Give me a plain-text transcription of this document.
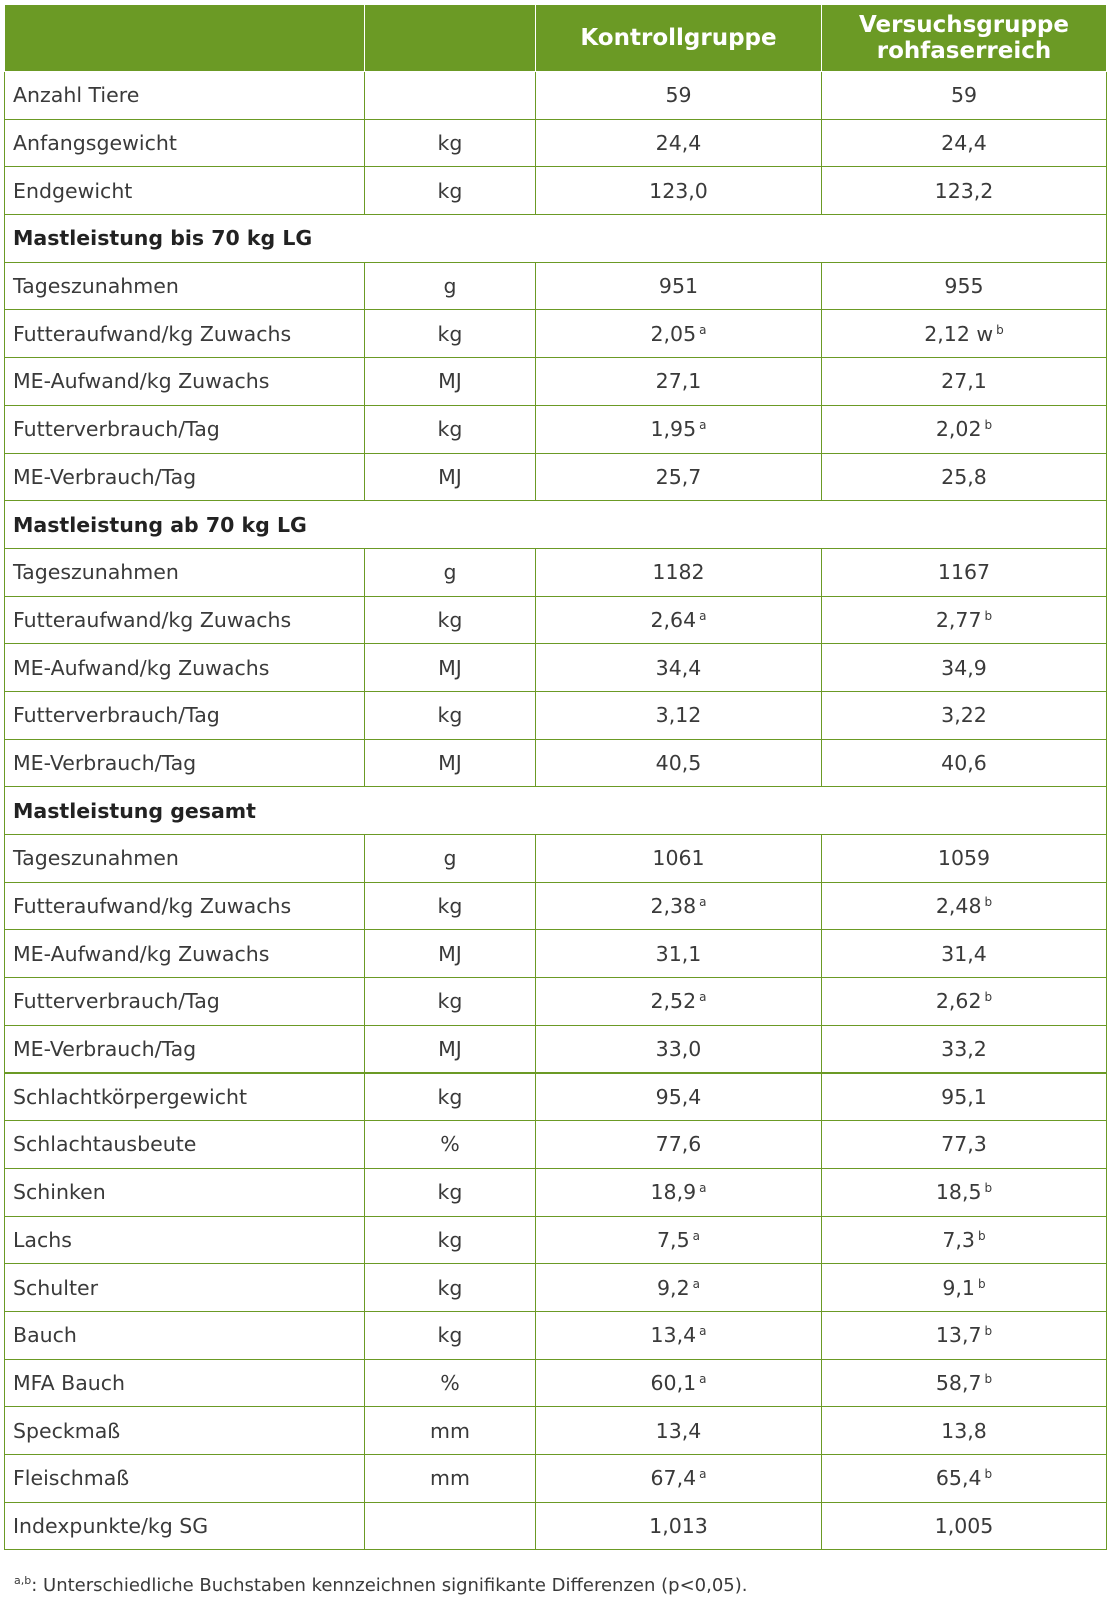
		Kontrollgruppe	Versuchsgruppe
rohfaserreich
Anzahl Tiere		59	59
Anfangsgewicht	kg	24,4	24,4
Endgewicht	kg	123,0	123,2
Mastleistung bis 70 kg LG			
Tageszunahmen	g	951	955
Futteraufwand/kg Zuwachs	kg	2,05 $^a$	2,12 w $^b$
ME-Aufwand/kg Zuwachs	MJ	27,1	27,1
Futterverbrauch/Tag	kg	1,95 $^a$	2,02 $^b$
ME-Verbrauch/Tag	MJ	25,7	25,8
Mastleistung ab 70 kg LG			
Tageszunahmen	g	1182	1167
Futteraufwand/kg Zuwachs	kg	2,64 $^a$	2,77 $^b$
ME-Aufwand/kg Zuwachs	MJ	34,4	34,9
Futterverbrauch/Tag	kg	3,12	3,22
ME-Verbrauch/Tag	MJ	40,5	40,6
Mastleistung gesamt			
Tageszunahmen	g	1061	1059
Futteraufwand/kg Zuwachs	kg	2,38 $^a$	2,48 $^b$
ME-Aufwand/kg Zuwachs	MJ	31,1	31,4
Futterverbrauch/Tag	kg	2,52 $^a$	2,62 $^b$
ME-Verbrauch/Tag	MJ	33,0	33,2
Schlachtkörpergewicht	kg	95,4	95,1
Schlachtausbeute	%	77,6	77,3
Schinken	kg	18,9 $^a$	18,5 $^b$
Lachs	kg	7,5 $^a$	7,3 $^b$
Schulter	kg	9,2 $^a$	9,1 $^b$
Bauch	kg	13,4 $^a$	13,7 $^b$
MFA Bauch	%	60,1 $^a$	58,7 $^b$
Speckmaß	mm	13,4	13,8
Fleischmaß	mm	67,4 $^a$	65,4 $^b$
Indexpunkte/kg SG		1,013	1,005
$^{a,b}$: Unterschiedliche Buchstaben kennzeichnen signifikante Differenzen (p<0,05).
